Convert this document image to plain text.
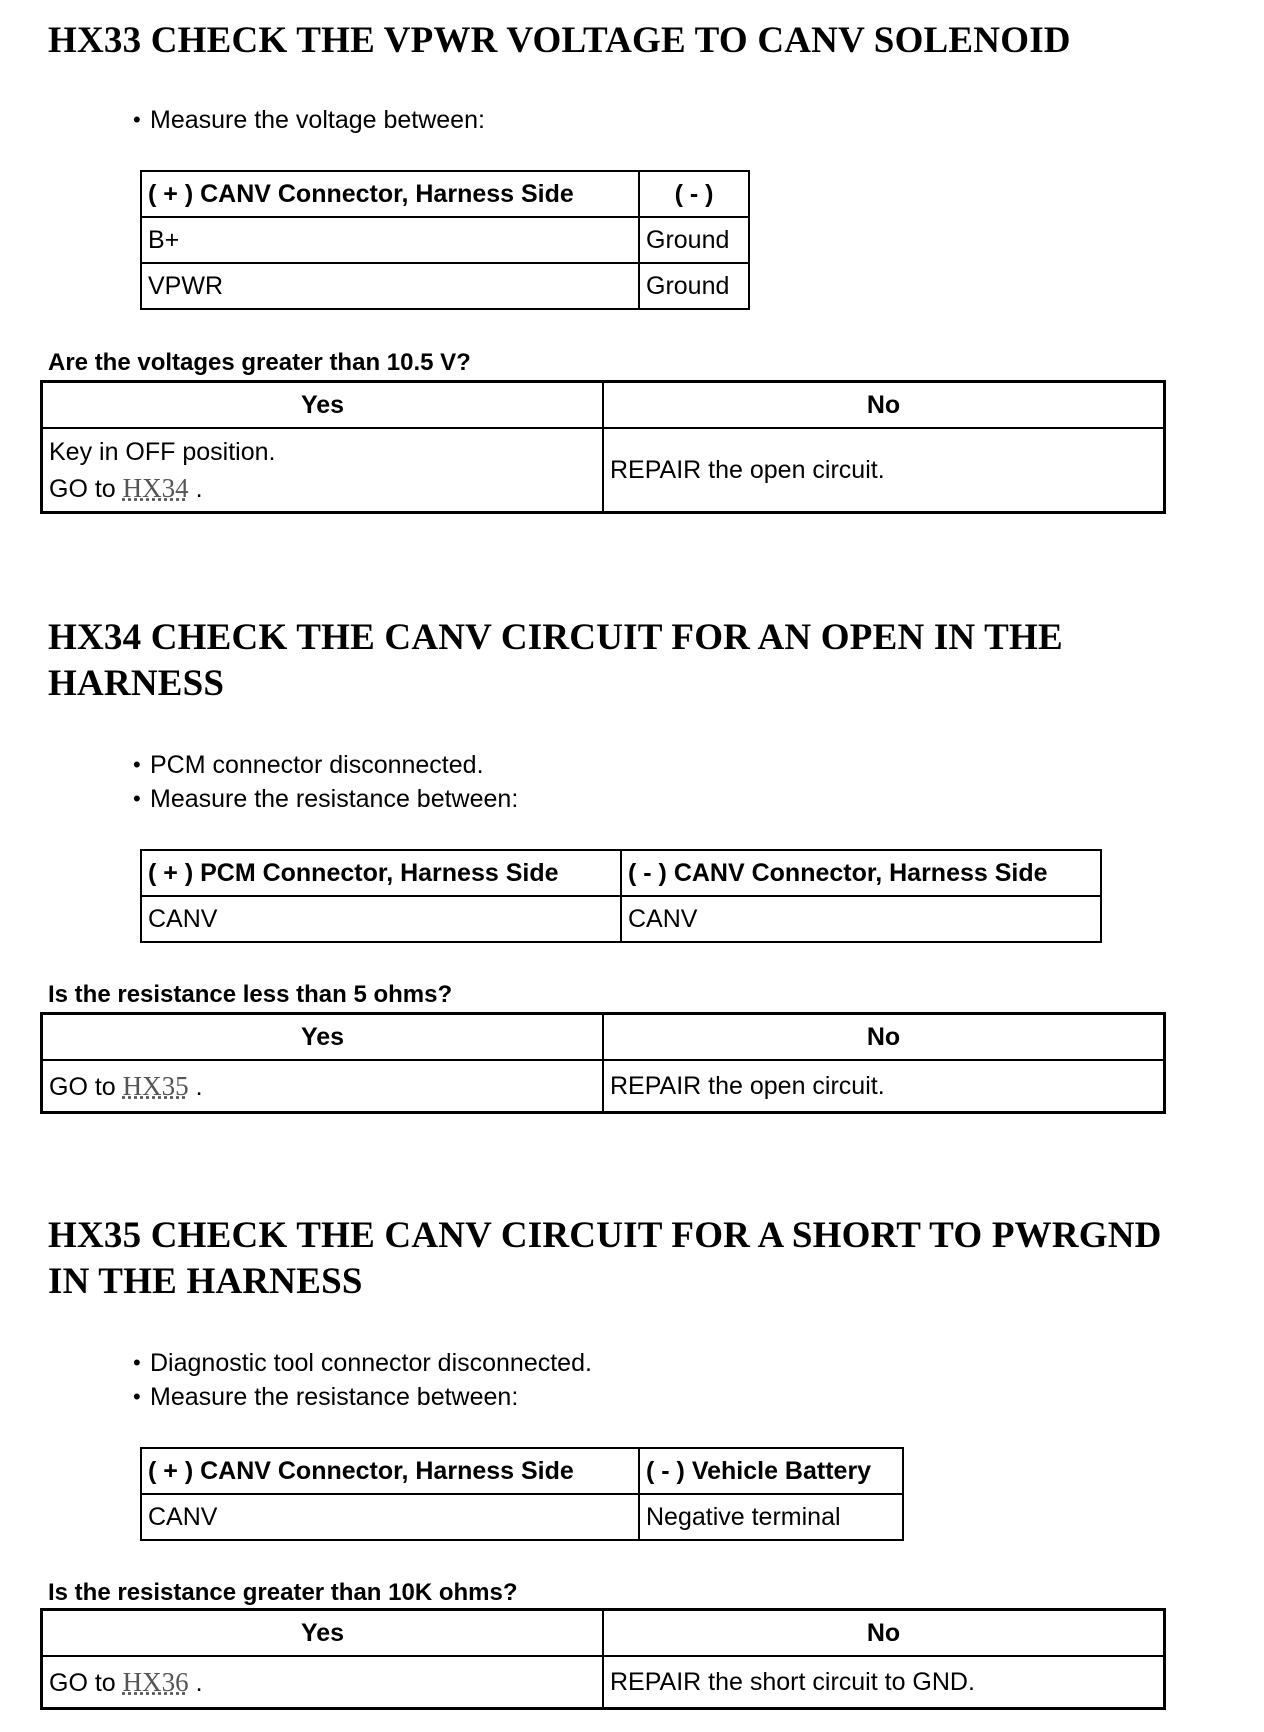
HX33 CHECK THE VPWR VOLTAGE TO CANV SOLENOID
• Measure the voltage between:
( + ) CANV Connector, Harness Side	( - )
B+	Ground
VPWR	Ground

Are the voltages greater than 10.5 V?

Yes	No
Key in OFF position.
GO to HX34 .	REPAIR the open circuit.
HX34 CHECK THE CANV CIRCUIT FOR AN OPEN IN THE
HARNESS
• PCM connector disconnected.
• Measure the resistance between:
( + ) PCM Connector, Harness Side	( - ) CANV Connector, Harness Side
CANV	CANV

Is the resistance less than 5 ohms?

Yes	No
GO to HX35 .	REPAIR the open circuit.
HX35 CHECK THE CANV CIRCUIT FOR A SHORT TO PWRGND
IN THE HARNESS
• Diagnostic tool connector disconnected.
• Measure the resistance between:
( + ) CANV Connector, Harness Side	( - ) Vehicle Battery
CANV	Negative terminal

Is the resistance greater than 10K ohms?

Yes	No
GO to HX36 .	REPAIR the short circuit to GND.
